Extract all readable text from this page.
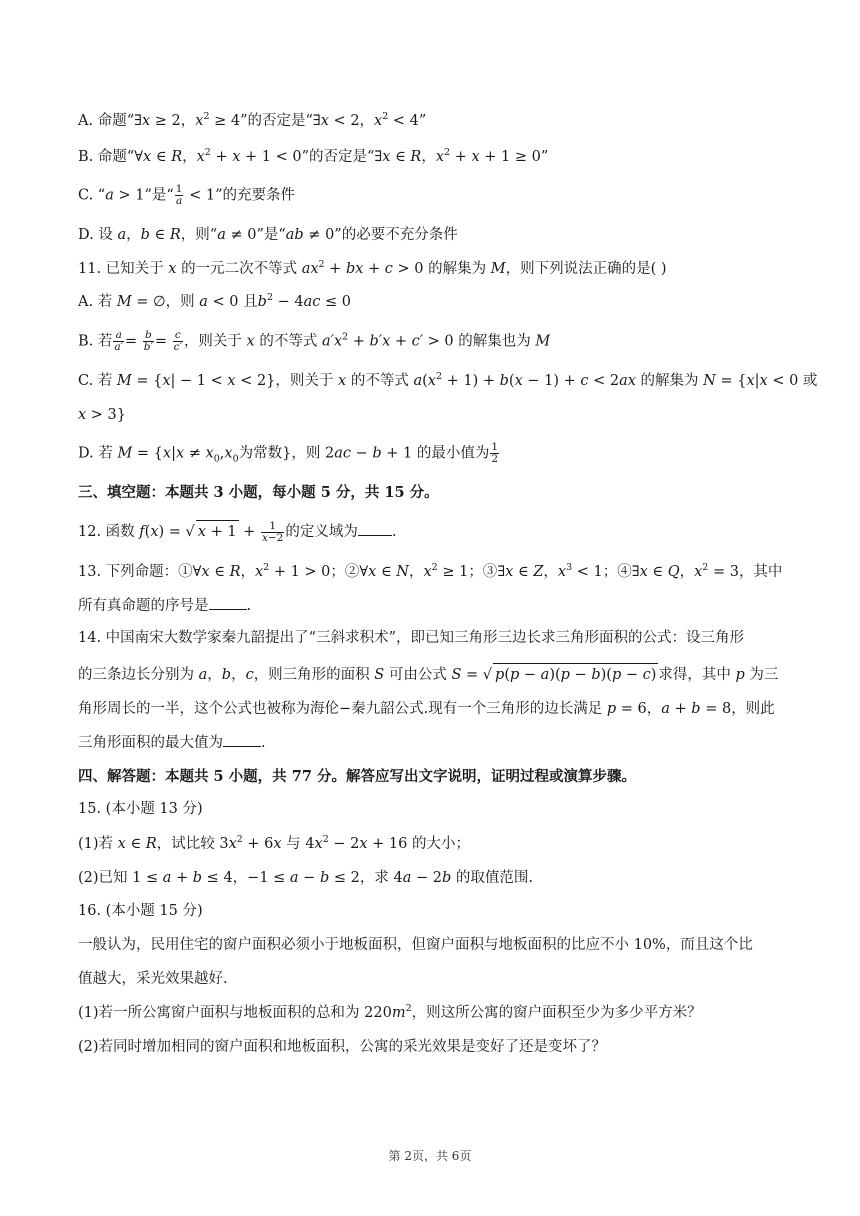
A. 命题“∃x ≥ 2，$x^2 \ge 4$”的否定是“∃x < 2，$x^2 < 4$”
B. 命题“∀x ∈ R，$x^2 + x + 1 < 0$”的否定是“∃x ∈ R，$x^2 + x + 1 \ge 0$”
C. “a > 1”是“ $\frac{1}{a} < 1$”的充要条件
D. 设 a，b ∈ R，则“a ≠ 0”是“ab ≠ 0”的必要不充分条件
11. 已知关于 x 的一元二次不等式 $ax^2$ + bx + c > 0 的解集为 M，则下列说法正确的是( )
A. 若 M = ∅，则 a < 0 且$b^2 - 4ac \le 0$
B. 若 $\frac{a}{a'} = \frac{b}{b'} = \frac{c}{c'}$ ，则关于 x 的不等式 $a'x^2 + b'x + c' > 0$ 的解集也为 M
C. 若 M = {x| − 1 < x < 2}，则关于 x 的不等式 $a(x^2 + 1) + b(x - 1) + c < 2ax$ 的解集为 N = {x|x < 0 或
x > 3}
D. 若 $M = \{x|x \ne x_0,x_0$为常数}，则 2ac − b + 1 的最小值为 $\frac{1}{2}$
三、填空题：本题共 3 小题，每小题 5 分，共 15 分。
12. 函数 f(x) = √ $x + 1 + \frac{1}{x-2}$ 的定义域为 .
13. 下列命题：①∀x ∈ R，$x^2 + 1 > 0$；②∀x ∈ N，$x^2 \ge 1$；③∃x ∈ Z，$x^3 < 1$；④∃x ∈ Q，$x^2 = 3$，其中
所有真命题的序号是	.
14. 中国南宋大数学家秦九韶提出了“三斜求积术”，即已知三角形三边长求三角形面积的公式：设三角形
的三条边长分别为 a，b，c，则三角形的面积 S 可由公式 S = √ p(p − a)(p − b)(p − c) 求得，其中 p 为三
角形周长的一半，这个公式也被称为海伦−秦九韶公式.现有一个三角形的边长满足 p = 6，a + b = 8，则此
三角形面积的最大值为	.
四、解答题：本题共 5 小题，共 77 分。解答应写出文字说明，证明过程或演算步骤。
15. (本小题 13 分)
(1)若 x ∈ R，试比较 $3x^2 + 6x$ 与 $4x^2 - 2x + 16$ 的大小；
(2)已知 1 ≤ a + b ≤ 4，−1 ≤ a − b ≤ 2，求 4a − 2b 的取值范围.
16. (本小题 15 分)
一般认为，民用住宅的窗户面积必须小于地板面积，但窗户面积与地板面积的比应不小 10%，而且这个比
值越大，采光效果越好.
(1)若一所公寓窗户面积与地板面积的总和为 $220m^2$，则这所公寓的窗户面积至少为多少平方米？
(2)若同时增加相同的窗户面积和地板面积，公寓的采光效果是变好了还是变坏了？
第 2页，共 6页
